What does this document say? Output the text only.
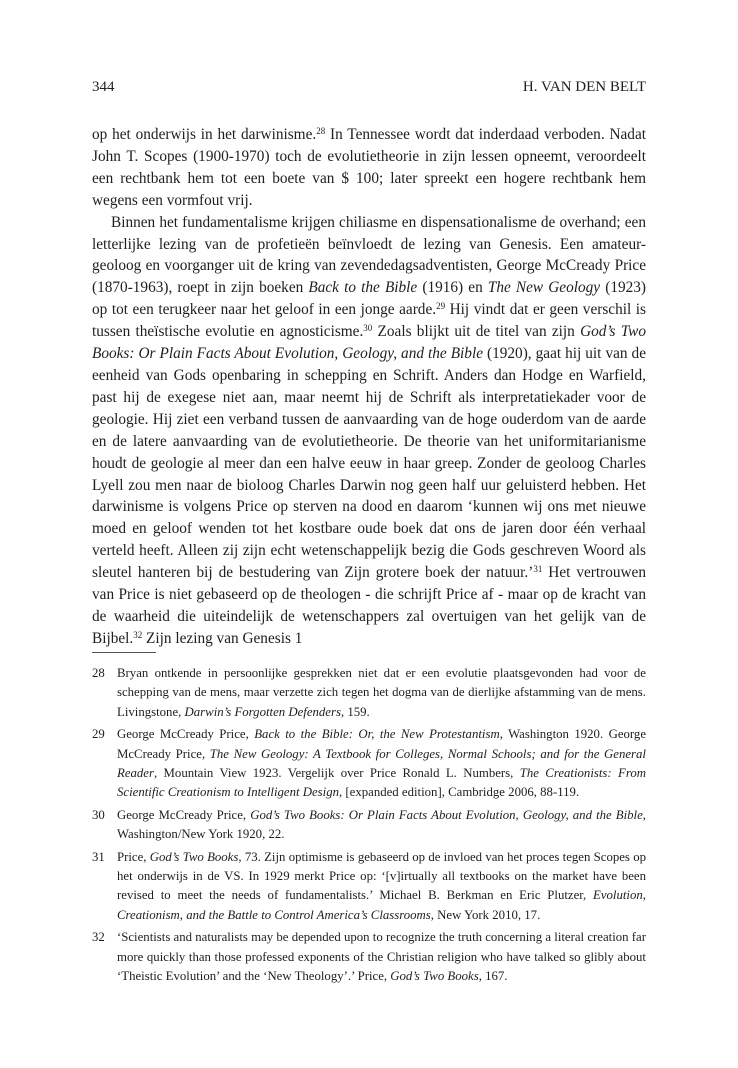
344	H. VAN DEN BELT

op het onderwijs in het darwinisme.$^{28}$ In Tennessee wordt dat inderdaad verboden. Nadat John T. Scopes (1900-1970) toch de evolutietheorie in zijn lessen opneemt, veroordeelt een rechtbank hem tot een boete van $ 100; later spreekt een hogere rechtbank hem wegens een vormfout vrij.

Binnen het fundamentalisme krijgen chiliasme en dispensationalisme de overhand; een letterlijke lezing van de profetieën beïnvloedt de lezing van Genesis. Een amateur-geoloog en voorganger uit de kring van zevendedagsadventisten, George McCready Price (1870-1963), roept in zijn boeken Back to the Bible (1916) en The New Geology (1923) op tot een terugkeer naar het geloof in een jonge aarde.$^{29}$ Hij vindt dat er geen verschil is tussen theïstische evolutie en agnosticisme.$^{30}$ Zoals blijkt uit de titel van zijn God’s Two Books: Or Plain Facts About Evolution, Geology, and the Bible (1920), gaat hij uit van de eenheid van Gods openbaring in schepping en Schrift. Anders dan Hodge en Warfield, past hij de exegese niet aan, maar neemt hij de Schrift als interpretatiekader voor de geologie. Hij ziet een verband tussen de aanvaarding van de hoge ouderdom van de aarde en de latere aanvaarding van de evolutietheorie. De theorie van het uniformitarianisme houdt de geologie al meer dan een halve eeuw in haar greep. Zonder de geoloog Charles Lyell zou men naar de bioloog Charles Darwin nog geen half uur geluisterd hebben. Het darwinisme is volgens Price op sterven na dood en daarom ‘kunnen wij ons met nieuwe moed en geloof wenden tot het kostbare oude boek dat ons de jaren door één verhaal verteld heeft. Alleen zij zijn echt wetenschappelijk bezig die Gods geschreven Woord als sleutel hanteren bij de bestudering van Zijn grotere boek der natuur.’$^{31}$ Het vertrouwen van Price is niet gebaseerd op de theologen - die schrijft Price af - maar op de kracht van de waarheid die uiteindelijk de wetenschappers zal overtuigen van het gelijk van de Bijbel.$^{32}$ Zijn lezing van Genesis 1

28 Bryan ontkende in persoonlijke gesprekken niet dat er een evolutie plaatsgevonden had voor de schepping van de mens, maar verzette zich tegen het dogma van de dierlijke afstamming van de mens. Livingstone, Darwin’s Forgotten Defenders, 159.
29 George McCready Price, Back to the Bible: Or, the New Protestantism, Washington 1920. George McCready Price, The New Geology: A Textbook for Colleges, Normal Schools; and for the General Reader, Mountain View 1923. Vergelijk over Price Ronald L. Numbers, The Creationists: From Scientific Creationism to Intelligent Design, [expanded edition], Cambridge 2006, 88-119.
30 George McCready Price, God’s Two Books: Or Plain Facts About Evolution, Geology, and the Bible, Washington/New York 1920, 22.
31 Price, God’s Two Books, 73. Zijn optimisme is gebaseerd op de invloed van het proces tegen Scopes op het onderwijs in de VS. In 1929 merkt Price op: ‘[v]irtually all textbooks on the market have been revised to meet the needs of fundamentalists.’ Michael B. Berkman en Eric Plutzer, Evolution, Creationism, and the Battle to Control America’s Classrooms, New York 2010, 17.
32 ‘Scientists and naturalists may be depended upon to recognize the truth concerning a literal creation far more quickly than those professed exponents of the Christian religion who have talked so glibly about ‘Theistic Evolution’ and the ‘New Theology’.’ Price, God’s Two Books, 167.
